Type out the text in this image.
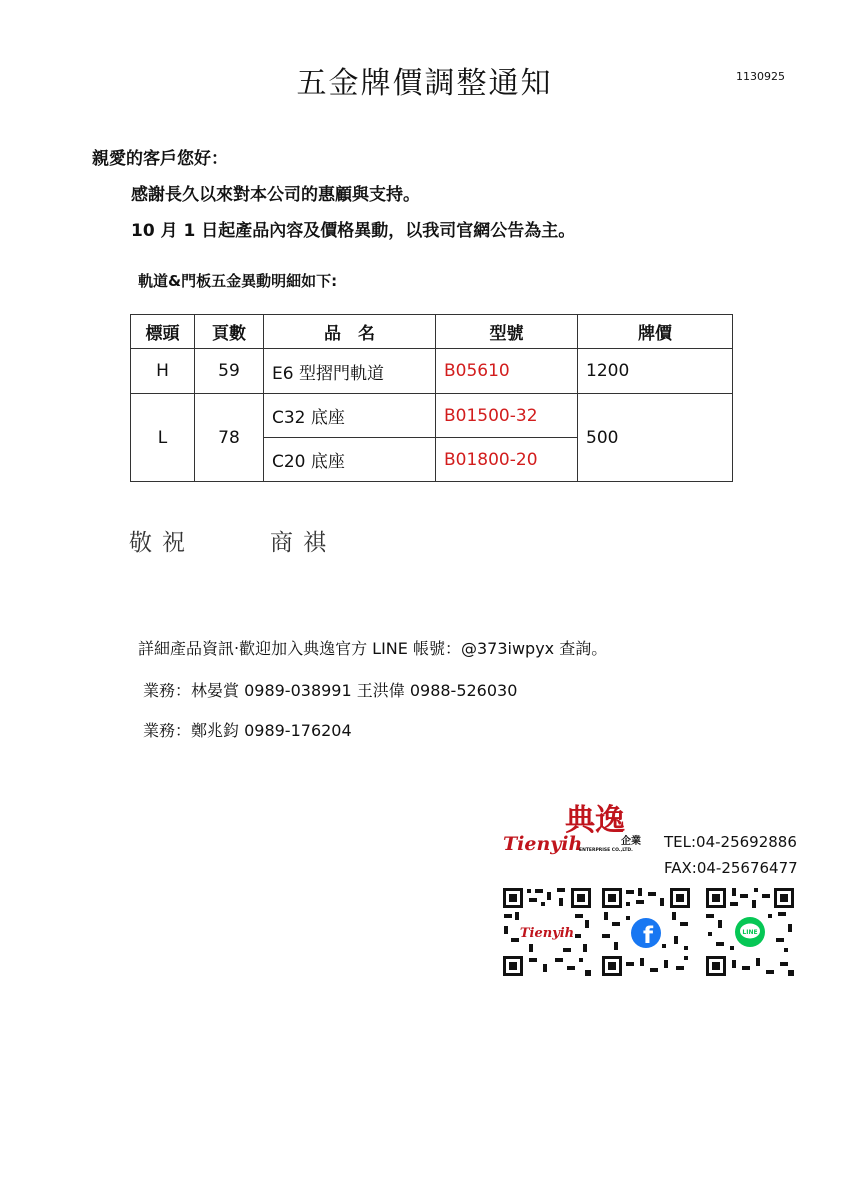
五金牌價調整通知	1130925
親愛的客戶您好：
感謝長久以來對本公司的惠顧與支持。
10 月 1 日起產品內容及價格異動，以我司官網公告為主。
軌道&門板五金異動明細如下:
標頭	頁數	品　名	型號	牌價
H	59	E6 型摺門軌道	B05610	1200
L	78	C32 底座	B01500-32	500
		C20 底座	B01800-20	
敬祝	商祺
詳細產品資訊‧歡迎加入典逸官方 LINE 帳號：@373iwpyx 查詢。
業務：林晏賞 0989-038991 王洪偉 0988-526030
業務：鄭兆鈞 0989-176204
典逸
Tienyih	企業
ENTERPRISE CO.,LTD. TEL:04-25692886
FAX:04-25676477
Tienyih	f	LINE
